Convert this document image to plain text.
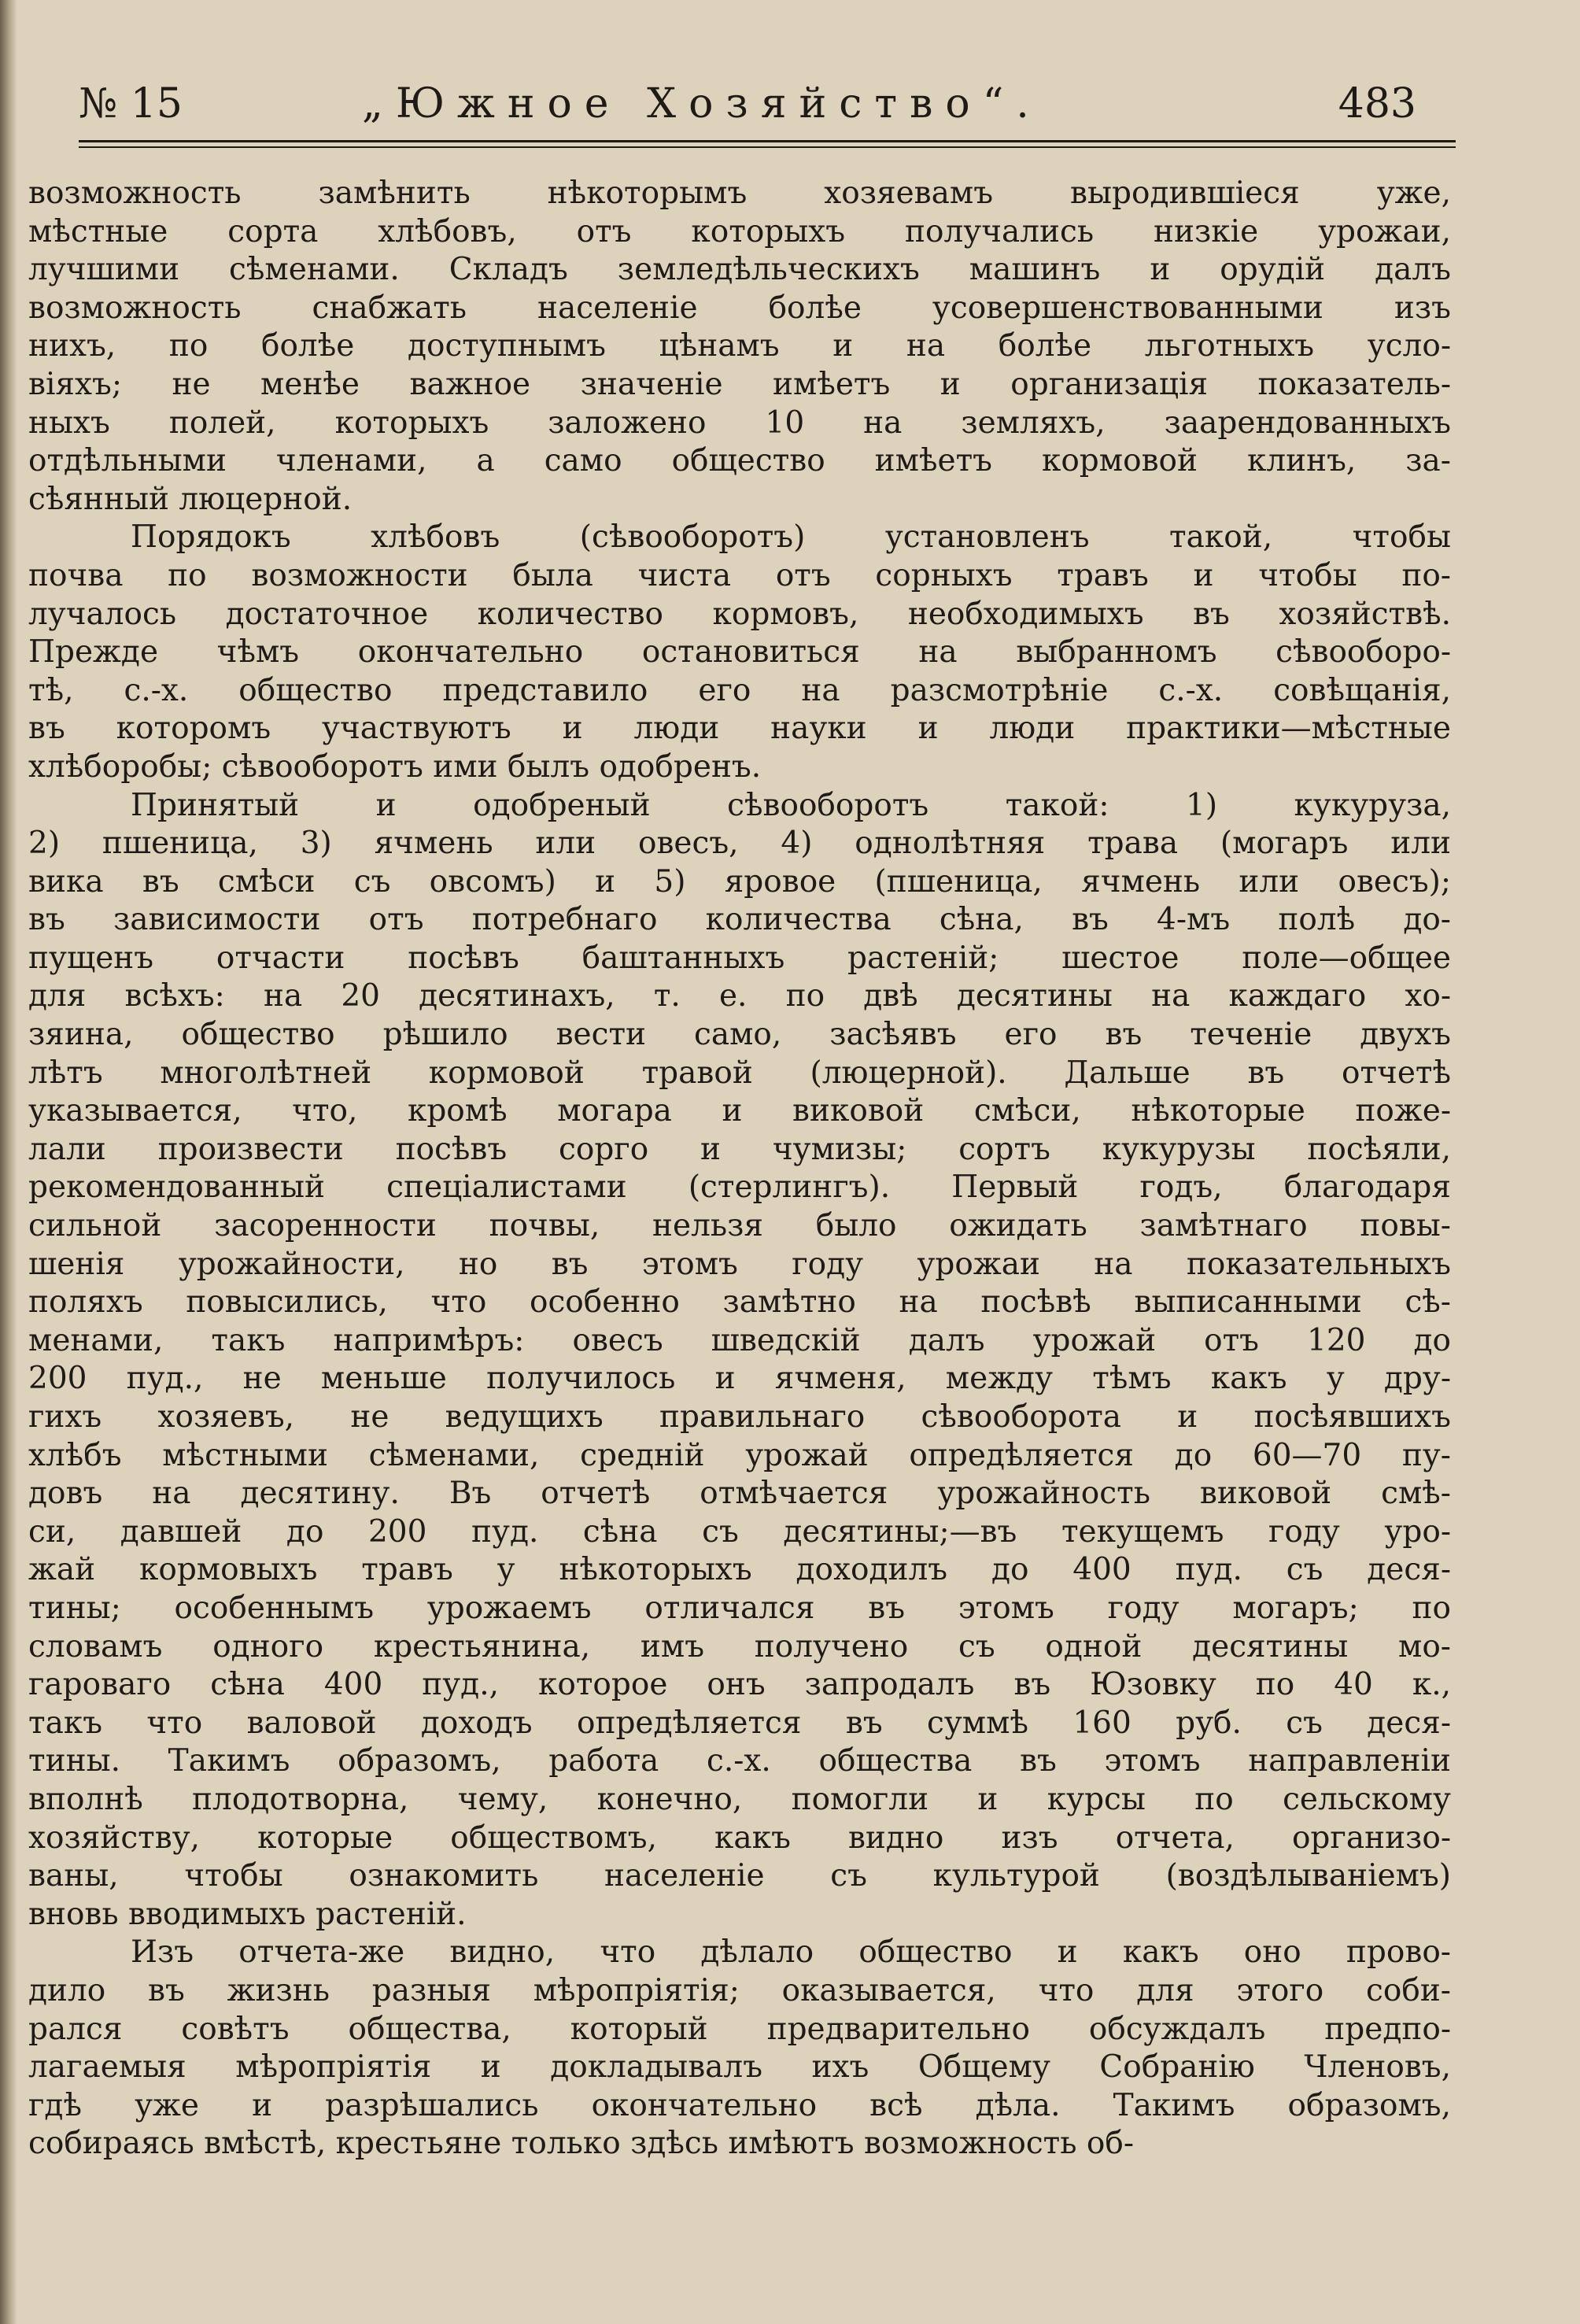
№ 15	„Южное Хозяйство“.	483
возможность замѣнить нѣкоторымъ хозяевамъ выродившіеся уже,
мѣстные сорта хлѣбовъ, отъ которыхъ получались низкіе урожаи,
лучшими сѣменами. Складъ земледѣльческихъ машинъ и орудій далъ
возможность снабжать населеніе болѣе усовершенствованными изъ
нихъ, по болѣе доступнымъ цѣнамъ и на болѣе льготныхъ усло-
віяхъ; не менѣе важное значеніе имѣетъ и организація показатель-
ныхъ полей, которыхъ заложено 10 на земляхъ, заарендованныхъ
отдѣльными членами, а само общество имѣетъ кормовой клинъ, за-
сѣянный люцерной.
Порядокъ хлѣбовъ (сѣвооборотъ) установленъ такой, чтобы
почва по возможности была чиста отъ сорныхъ травъ и чтобы по-
лучалось достаточное количество кормовъ, необходимыхъ въ хозяйствѣ.
Прежде чѣмъ окончательно остановиться на выбранномъ сѣвооборо-
тѣ, с.-х. общество представило его на разсмотрѣніе с.-х. совѣщанія,
въ которомъ участвуютъ и люди науки и люди практики—мѣстные
хлѣборобы; сѣвооборотъ ими былъ одобренъ.
Принятый и одобреный сѣвооборотъ такой: 1) кукуруза,
2) пшеница, 3) ячмень или овесъ, 4) однолѣтняя трава (могаръ или
вика въ смѣси съ овсомъ) и 5) яровое (пшеница, ячмень или овесъ);
въ зависимости отъ потребнаго количества сѣна, въ 4-мъ полѣ до-
пущенъ отчасти посѣвъ баштанныхъ растеній; шестое поле—общее
для всѣхъ: на 20 десятинахъ, т. е. по двѣ десятины на каждаго хо-
зяина, общество рѣшило вести само, засѣявъ его въ теченіе двухъ
лѣтъ многолѣтней кормовой травой (люцерной). Дальше въ отчетѣ
указывается, что, кромѣ могара и виковой смѣси, нѣкоторые поже-
лали произвести посѣвъ сорго и чумизы; сортъ кукурузы посѣяли,
рекомендованный спеціалистами (стерлингъ). Первый годъ, благодаря
сильной засоренности почвы, нельзя было ожидать замѣтнаго повы-
шенія урожайности, но въ этомъ году урожаи на показательныхъ
поляхъ повысились, что особенно замѣтно на посѣвѣ выписанными сѣ-
менами, такъ напримѣръ: овесъ шведскій далъ урожай отъ 120 до
200 пуд., не меньше получилось и ячменя, между тѣмъ какъ у дру-
гихъ хозяевъ, не ведущихъ правильнаго сѣвооборота и посѣявшихъ
хлѣбъ мѣстными сѣменами, средній урожай опредѣляется до 60—70 пу-
довъ на десятину. Въ отчетѣ отмѣчается урожайность виковой смѣ-
си, давшей до 200 пуд. сѣна съ десятины;—въ текущемъ году уро-
жай кормовыхъ травъ у нѣкоторыхъ доходилъ до 400 пуд. съ деся-
тины; особеннымъ урожаемъ отличался въ этомъ году могаръ; по
словамъ одного крестьянина, имъ получено съ одной десятины мо-
гароваго сѣна 400 пуд., которое онъ запродалъ въ Юзовку по 40 к.,
такъ что валовой доходъ опредѣляется въ суммѣ 160 руб. съ деся-
тины. Такимъ образомъ, работа с.-х. общества въ этомъ направленіи
вполнѣ плодотворна, чему, конечно, помогли и курсы по сельскому
хозяйству, которые обществомъ, какъ видно изъ отчета, организо-
ваны, чтобы ознакомить населеніе съ культурой (воздѣлываніемъ)
вновь вводимыхъ растеній.
Изъ отчета-же видно, что дѣлало общество и какъ оно прово-
дило въ жизнь разныя мѣропріятія; оказывается, что для этого соби-
рался совѣтъ общества, который предварительно обсуждалъ предпо-
лагаемыя мѣропріятія и докладывалъ ихъ Общему Собранію Членовъ,
гдѣ уже и разрѣшались окончательно всѣ дѣла. Такимъ образомъ,
собираясь вмѣстѣ, крестьяне только здѣсь имѣютъ возможность об-
